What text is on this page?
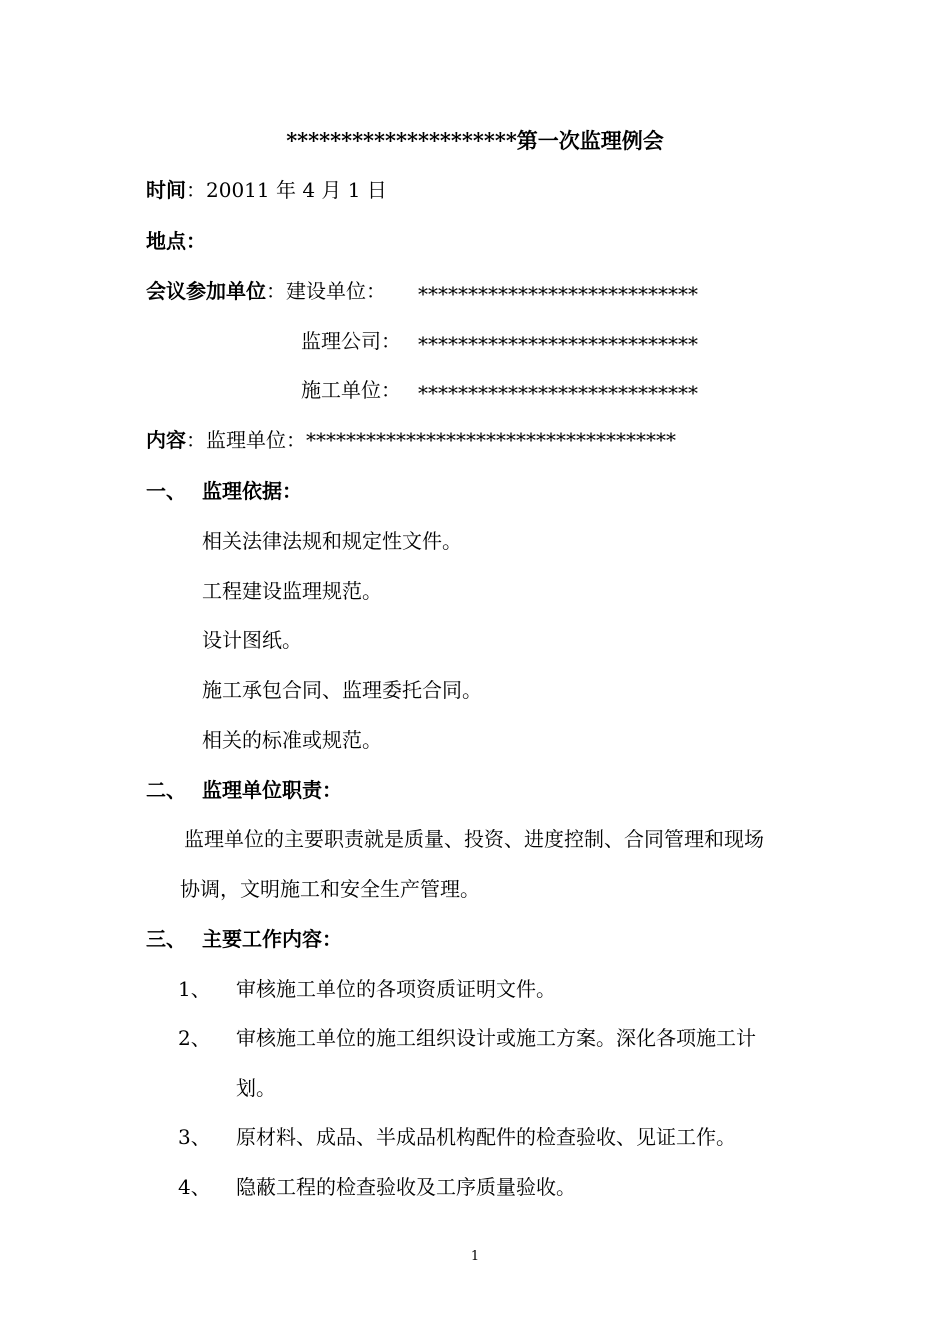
*********************第一次监理例会
时间：20011 年 4 月 1 日
地点：
会议参加单位：建设单位： ****************************
监理公司： ****************************
施工单位： ****************************
内容：监理单位：*************************************
一、 监理依据：
相关法律法规和规定性文件。
工程建设监理规范。
设计图纸。
施工承包合同、监理委托合同。
相关的标准或规范。
二、 监理单位职责：
监理单位的主要职责就是质量、投资、进度控制、合同管理和现场
协调，文明施工和安全生产管理。
三、 主要工作内容：
1、 审核施工单位的各项资质证明文件。
2、 审核施工单位的施工组织设计或施工方案。深化各项施工计
划。
3、 原材料、成品、半成品机构配件的检查验收、见证工作。
4、 隐蔽工程的检查验收及工序质量验收。
1
